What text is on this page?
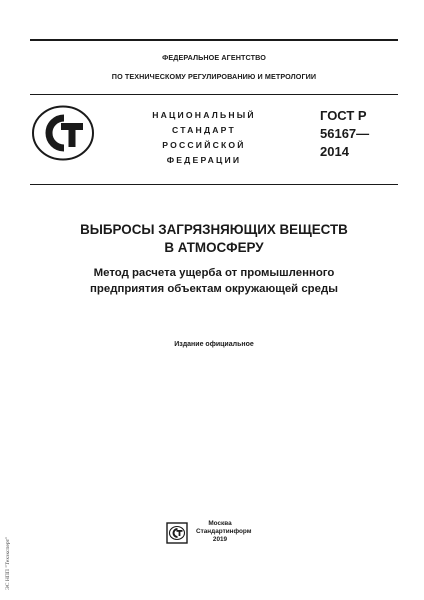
ФЕДЕРАЛЬНОЕ АГЕНТСТВО
ПО ТЕХНИЧЕСКОМУ РЕГУЛИРОВАНИЮ И МЕТРОЛОГИИ
НАЦИОНАЛЬНЫЙ
СТАНДАРТ
РОССИЙСКОЙ
ФЕДЕРАЦИИ
ГОСТ Р
56167—
2014
ВЫБРОСЫ ЗАГРЯЗНЯЮЩИХ ВЕЩЕСТВ
В АТМОСФЕРУ
Метод расчета ущерба от промышленного
предприятия объектам окружающей среды
Издание официальное
Москва
Стандартинформ
2019
ЭС НПП "Техэксперт"
